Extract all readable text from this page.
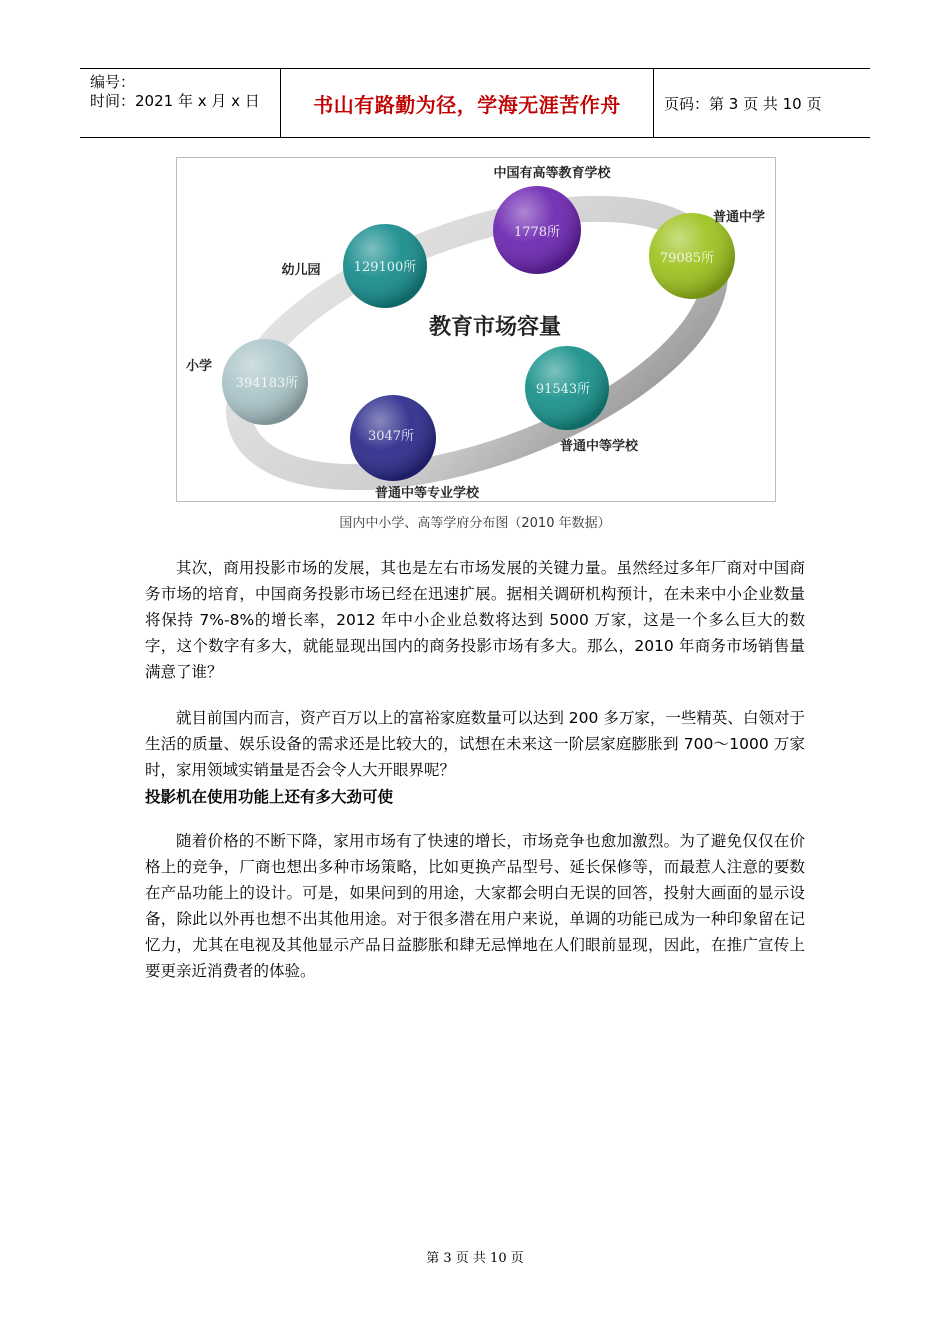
编号：
时间：2021 年 x 月 x 日	书山有路勤为径，学海无涯苦作舟	页码：第 3 页 共 10 页
教育市场容量
1778所
中国有高等教育学校
79085所
普通中学
129100所
幼儿园
394183所
小学
91543所
普通中等学校
3047所
普通中等专业学校
国内中小学、高等学府分布图（2010 年数据）

其次，商用投影市场的发展，其也是左右市场发展的关键力量。虽然经过多年厂商对中国商务市场的培育，中国商务投影市场已经在迅速扩展。据相关调研机构预计，在未来中小企业数量将保持 7%-8%的增长率，2012 年中小企业总数将达到 5000 万家，这是一个多么巨大的数字，这个数字有多大，就能显现出国内的商务投影市场有多大。那么，2010 年商务市场销售量满意了谁？

就目前国内而言，资产百万以上的富裕家庭数量可以达到 200 多万家，一些精英、白领对于生活的质量、娱乐设备的需求还是比较大的，试想在未来这一阶层家庭膨胀到 700～1000 万家时，家用领域实销量是否会令人大开眼界呢？

投影机在使用功能上还有多大劲可使

随着价格的不断下降，家用市场有了快速的增长，市场竞争也愈加激烈。为了避免仅仅在价格上的竞争，厂商也想出多种市场策略，比如更换产品型号、延长保修等，而最惹人注意的要数在产品功能上的设计。可是，如果问到的用途，大家都会明白无误的回答，投射大画面的显示设备，除此以外再也想不出其他用途。对于很多潜在用户来说，单调的功能已成为一种印象留在记忆力，尤其在电视及其他显示产品日益膨胀和肆无忌惮地在人们眼前显现，因此，在推广宣传上要更亲近消费者的体验。

第 3 页 共 10 页
